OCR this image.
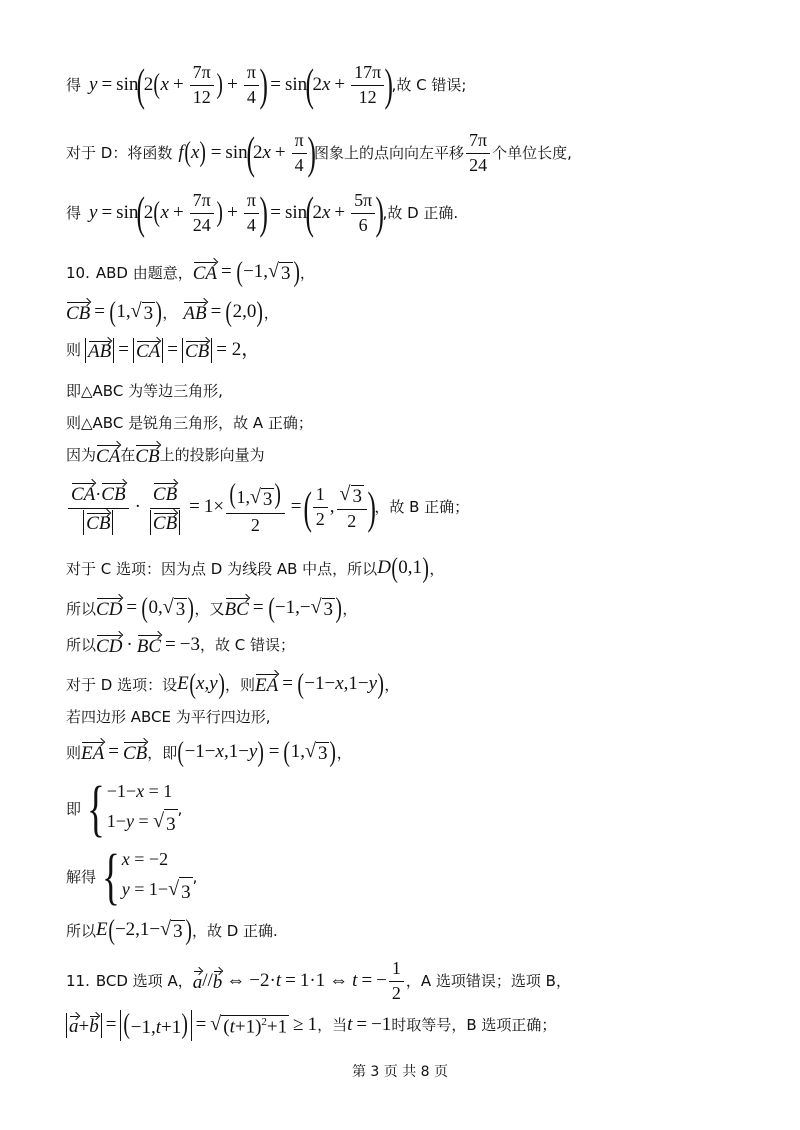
得 y = sin
(
2 ( $x + \frac{7\pi}{12}$ ) + $\frac{\pi}{4}$ ) = sin
(
2 $x + \frac{17\pi}{12}$ )
,故 C 错误;
对于 D：将函数 f ( x ) = sin
(
2 $x + \frac{\pi}{4}$ )
图象上的点向向左平移 $\frac{7\pi}{24}$ 个单位长度,
得 y = sin
(
2 ( $x + \frac{7\pi}{24}$ ) + $\frac{\pi}{4}$ ) = sin
(
2 $x + \frac{5\pi}{6}$ )
,故 D 正确.
10. ABD 由题意， CA = ( −1, √ 3 ) ，
CB = ( 1, √ 3 ) ， AB = ( 2,0 ) ，
则 AB = CA = CB = 2，
即△ABC 为等边三角形,
则△ABC 是锐角三角形，故 A 正确；
因为 CA 在 CB 上的投影向量为
$\frac{CA\cdot CB}{CB} \cdot \frac{CB}{CB} = 1\times \frac{(1, √ 3 )}{2}$ = ( $\frac{1}{2}$ , $\frac{√ 3}{2}$ )
，故 B 正确；
对于 C 选项：因为点 D 为线段 AB 中点，所以 D ( 0,1 ) ，
所以 CD = ( 0, √ 3 ) ，又 BC = ( −1,− √ 3 ) ，
所以 CD · BC = −3 ，故 C 错误；
对于 D 选项：设 E ( x , y ) ，则 EA = ( −1− x ,1− y ) ，
若四边形 ABCE 为平行四边形,
则 EA = CB ，即 ( −1− x ,1− y ) = ( 1, √ 3 ) ，
即 { −1−x = 1
1−y = √ 3
,
解得 { x = −2
y = 1− √ 3
,
所以 E ( −2,1− √ 3 ) ，故 D 正确.
11. BCD 选项 A， a // b ⇔ −2· t = 1·1 ⇔ t = − $\frac{1}{2}$ ，A 选项错误；选项 B，
a+b = (−1,t+1) = √ $(t+1)^2+1 \ge 1$ ，当 t = −1 时取等号，B 选项正确；
第 3 页 共 8 页
